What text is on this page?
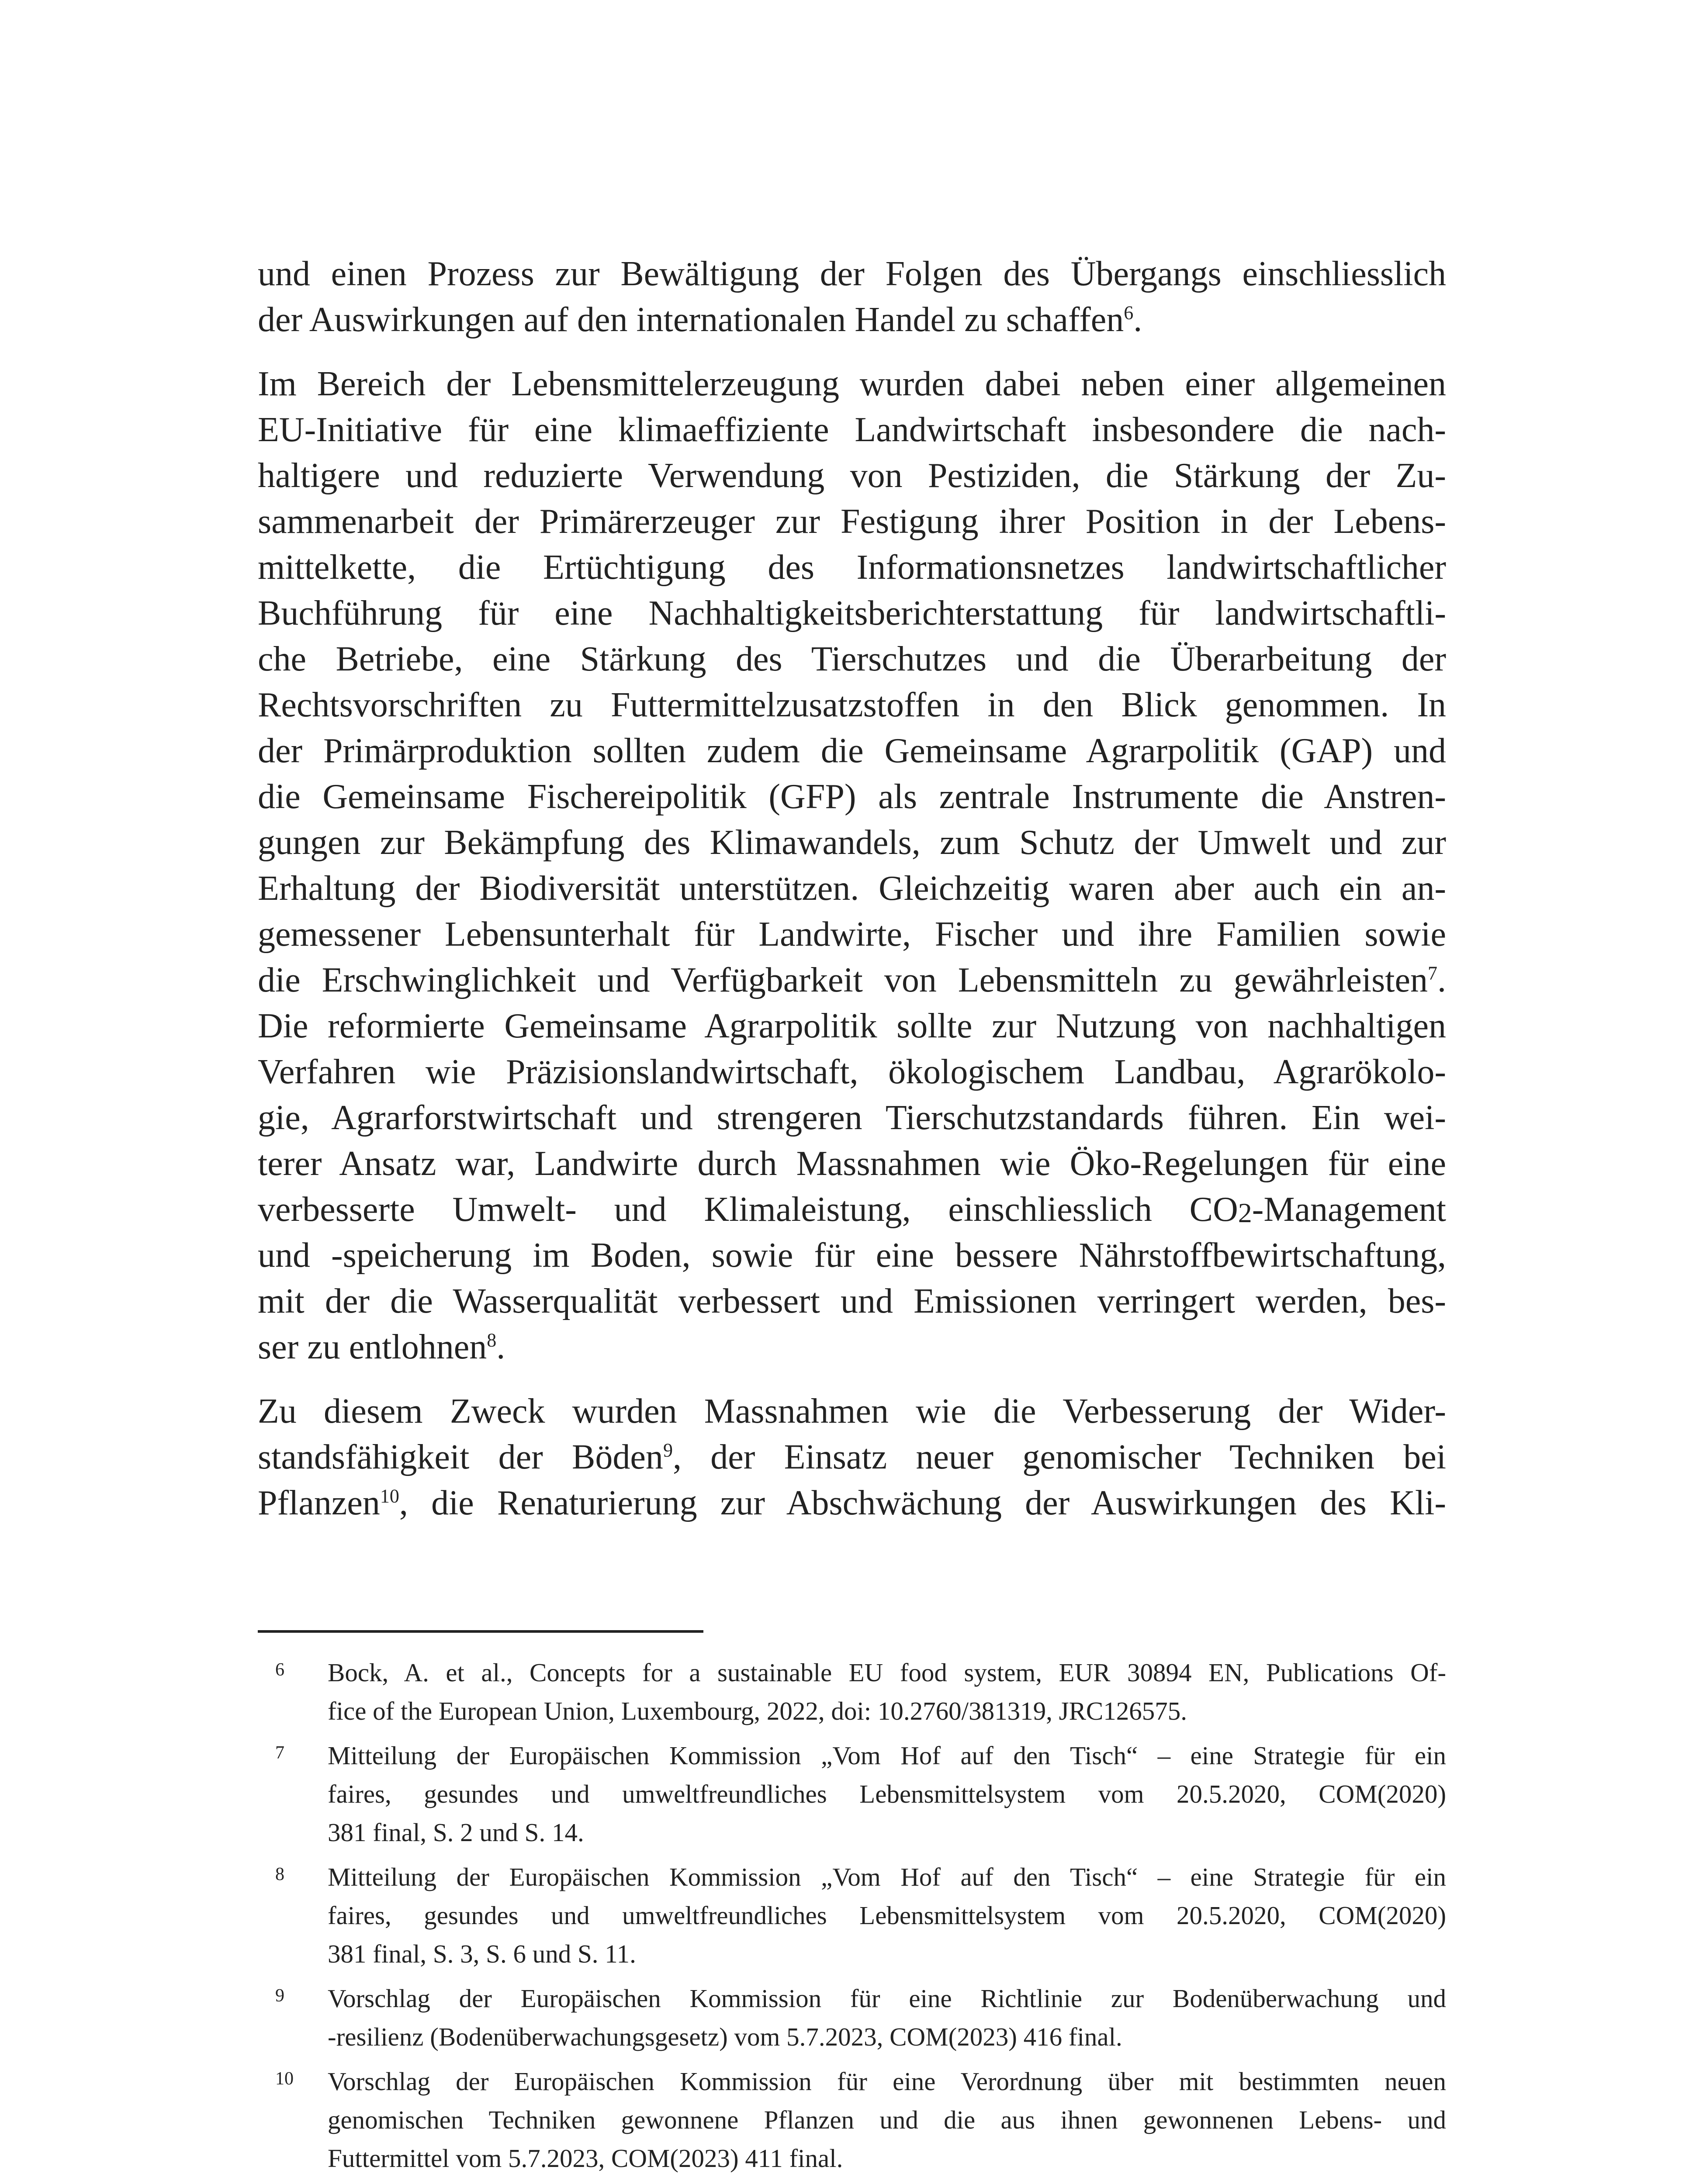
und einen Prozess zur Bewältigung der Folgen des Übergangs einschliesslich
der Auswirkungen auf den internationalen Handel zu schaffen$^6$.

Im Bereich der Lebensmittelerzeugung wurden dabei neben einer allgemeinen
EU-Initiative für eine klimaeffiziente Landwirtschaft insbesondere die nach-
haltigere und reduzierte Verwendung von Pestiziden, die Stärkung der Zu-
sammenarbeit der Primärerzeuger zur Festigung ihrer Position in der Lebens-
mittelkette, die Ertüchtigung des Informationsnetzes landwirtschaftlicher
Buchführung für eine Nachhaltigkeitsberichterstattung für landwirtschaftli-
che Betriebe, eine Stärkung des Tierschutzes und die Überarbeitung der
Rechtsvorschriften zu Futtermittelzusatzstoffen in den Blick genommen. In
der Primärproduktion sollten zudem die Gemeinsame Agrarpolitik (GAP) und
die Gemeinsame Fischereipolitik (GFP) als zentrale Instrumente die Anstren-
gungen zur Bekämpfung des Klimawandels, zum Schutz der Umwelt und zur
Erhaltung der Biodiversität unterstützen. Gleichzeitig waren aber auch ein an-
gemessener Lebensunterhalt für Landwirte, Fischer und ihre Familien sowie
die Erschwinglichkeit und Verfügbarkeit von Lebensmitteln zu gewährleisten$^7$.
Die reformierte Gemeinsame Agrarpolitik sollte zur Nutzung von nachhaltigen
Verfahren wie Präzisionslandwirtschaft, ökologischem Landbau, Agrarökolo-
gie, Agrarforstwirtschaft und strengeren Tierschutzstandards führen. Ein wei-
terer Ansatz war, Landwirte durch Massnahmen wie Öko-Regelungen für eine
verbesserte Umwelt- und Klimaleistung, einschliesslich $CO_2$-Management
und -speicherung im Boden, sowie für eine bessere Nährstoffbewirtschaftung,
mit der die Wasserqualität verbessert und Emissionen verringert werden, bes-
ser zu entlohnen$^8$.

Zu diesem Zweck wurden Massnahmen wie die Verbesserung der Wider-
standsfähigkeit der Böden$^9$, der Einsatz neuer genomischer Techniken bei
Pflanzen$^{10}$, die Renaturierung zur Abschwächung der Auswirkungen des Kli-

6 Bock, A. et al., Concepts for a sustainable EU food system, EUR 30894 EN, Publications Of-
fice of the European Union, Luxembourg, 2022, doi: 10.2760/381319, JRC126575.
7 Mitteilung der Europäischen Kommission „Vom Hof auf den Tisch“ – eine Strategie für ein
faires, gesundes und umweltfreundliches Lebensmittelsystem vom 20.5.2020, COM(2020)
381 final, S. 2 und S. 14.
8 Mitteilung der Europäischen Kommission „Vom Hof auf den Tisch“ – eine Strategie für ein
faires, gesundes und umweltfreundliches Lebensmittelsystem vom 20.5.2020, COM(2020)
381 final, S. 3, S. 6 und S. 11.
9 Vorschlag der Europäischen Kommission für eine Richtlinie zur Bodenüberwachung und
-resilienz (Bodenüberwachungsgesetz) vom 5.7.2023, COM(2023) 416 final.
10 Vorschlag der Europäischen Kommission für eine Verordnung über mit bestimmten neuen
genomischen Techniken gewonnene Pflanzen und die aus ihnen gewonnenen Lebens- und
Futtermittel vom 5.7.2023, COM(2023) 411 final.
